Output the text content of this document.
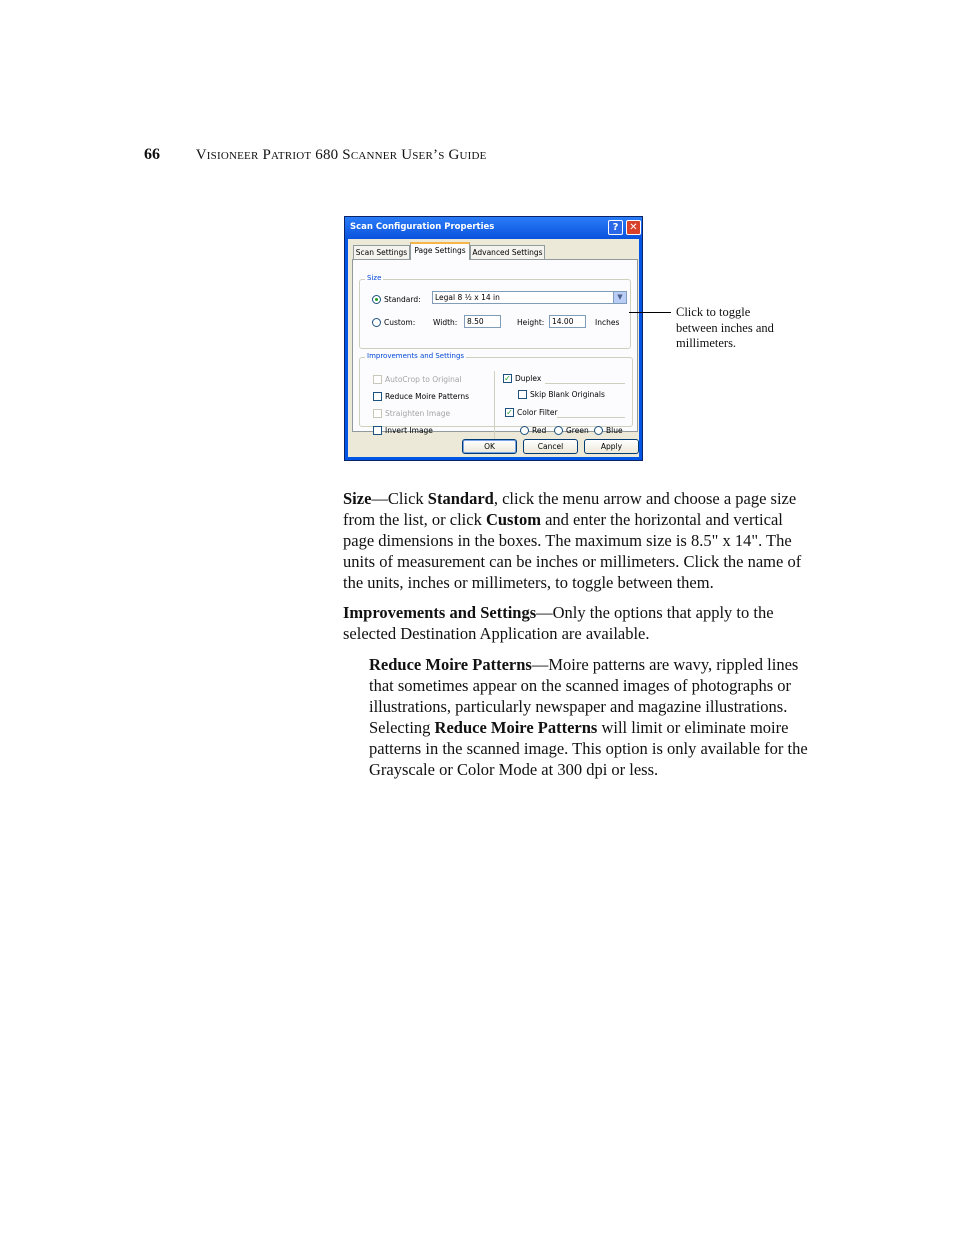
66 Visioneer Patriot 680 Scanner User’s Guide
Scan Configuration Properties	?	✕
Scan Settings Page Settings Advanced Settings
Size
Standard:	Legal 8 ½ x 14 in	▼
Custom: Width:	8.50	Height:	14.00	Inches
Improvements and Settings
AutoCrop to Original
Reduce Moire Patterns
Straighten Image
Invert Image
✓ Duplex
Skip Blank Originals
✓ Color Filter
Red	Green Blue
OK	Cancel	Apply
Click to toggle between inches and millimeters.

Size—Click Standard, click the menu arrow and choose a page size from the list, or click Custom and enter the horizontal and vertical page dimensions in the boxes. The maximum size is 8.5" x 14". The units of measurement can be inches or millimeters. Click the name of the units, inches or millimeters, to toggle between them.

Improvements and Settings—Only the options that apply to the selected Destination Application are available.

Reduce Moire Patterns—Moire patterns are wavy, rippled lines that sometimes appear on the scanned images of photographs or illustrations, particularly newspaper and magazine illustrations. Selecting Reduce Moire Patterns will limit or eliminate moire patterns in the scanned image. This option is only available for the Grayscale or Color Mode at 300 dpi or less.
